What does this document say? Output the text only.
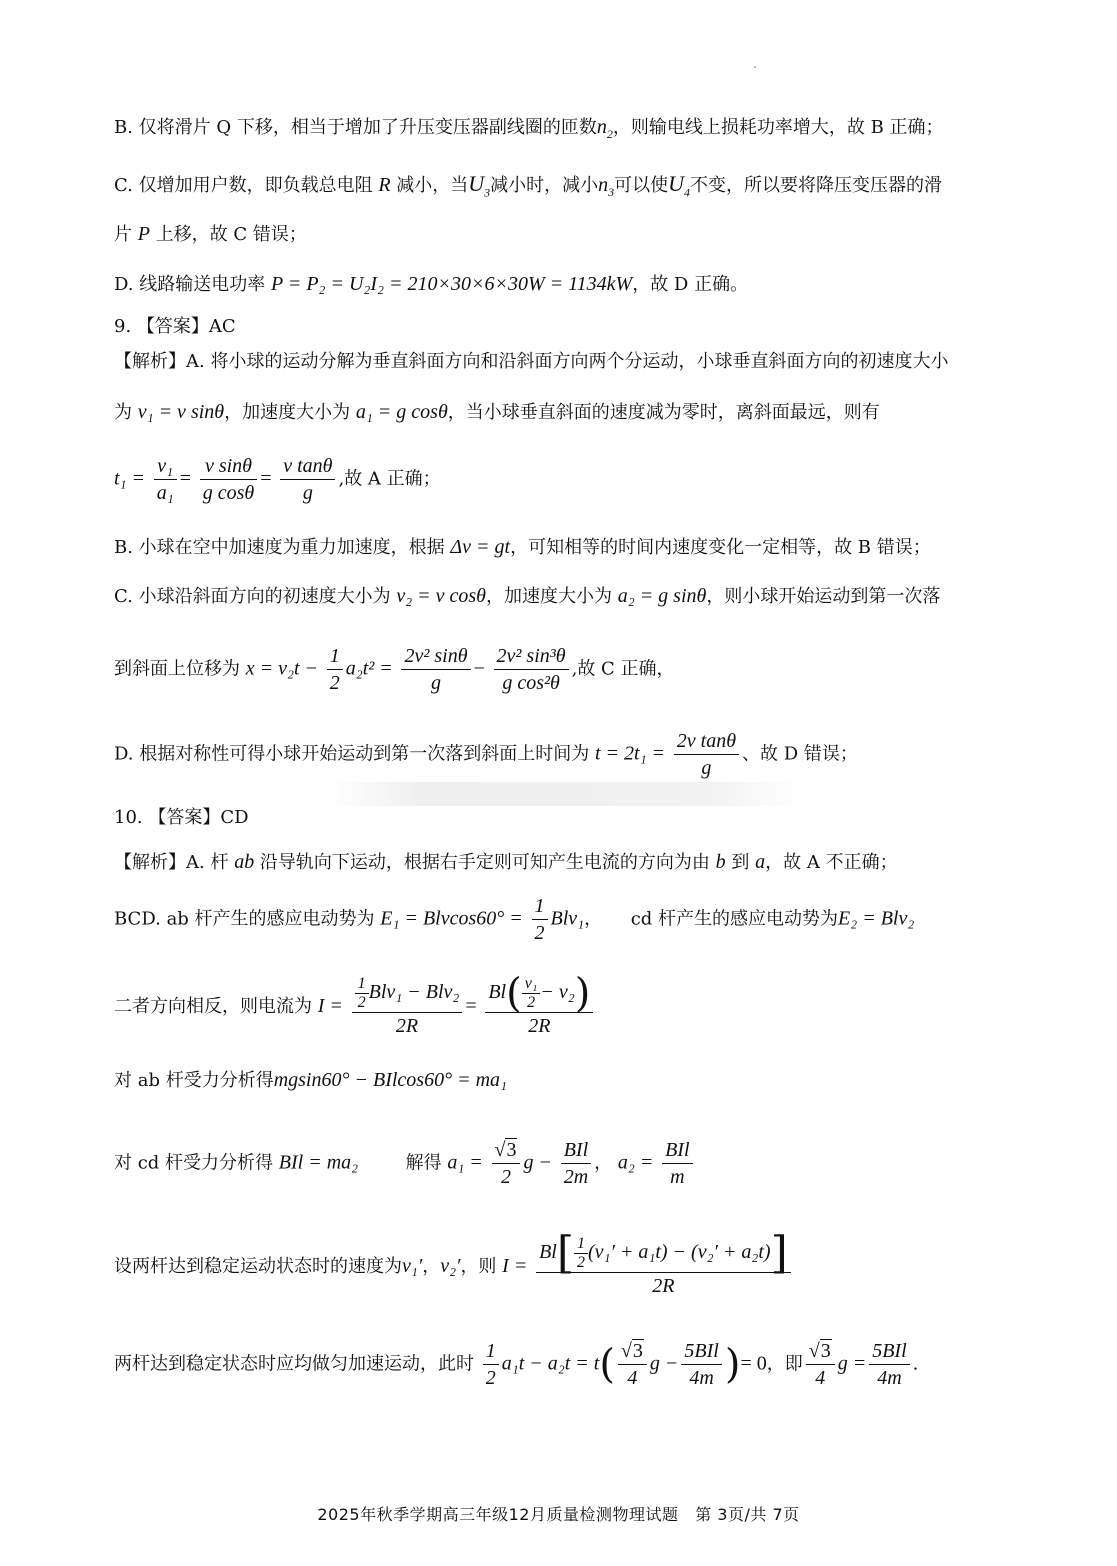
B. 仅将滑片 Q 下移，相当于增加了升压变压器副线圈的匝数$n_2$，则输电线上损耗功率增大，故 B 正确；
C. 仅增加用户数，即负载总电阻 R 减小，当$U_3$减小时，减小$n_3$可以使$U_4$不变，所以要将降压变压器的滑
片 P 上移，故 C 错误；
D. 线路输送电功率 P = P₂ = U₂I₂ = 210×30×6×30W = 1134kW，故 D 正确。
9. 【答案】AC
【解析】A. 将小球的运动分解为垂直斜面方向和沿斜面方向两个分运动，小球垂直斜面方向的初速度大小
为 v₁ = v sinθ，加速度大小为 a₁ = g cosθ，当小球垂直斜面的速度减为零时，离斜面最远，则有
$t_1 = \frac{\text{v₁}}{\text{a₁}} = \frac{\text{v sinθ}}{\text{g cosθ}} = \frac{\text{v tanθ}}{g}$ ,故 A 正确；
B. 小球在空中加速度为重力加速度，根据 Δv = gt，可知相等的时间内速度变化一定相等，故 B 错误；
C. 小球沿斜面方向的初速度大小为 v₂ = v cosθ，加速度大小为 a₂ = g sinθ，则小球开始运动到第一次落
到斜面上位移为 $x = v_2t - \frac{1}{2} a_2t^2 = \frac{\text{2v² sinθ}}{g} - \frac{\text{2v² sin³θ}}{\text{g cos²θ}}$ ,故 C 正确，
D. 根据对称性可得小球开始运动到第一次落到斜面上时间为 $t = 2t_1 = \frac{\text{2v tanθ}}{g}$ 、故 D 错误；
10. 【答案】CD
【解析】A. 杆 ab 沿导轨向下运动，根据右手定则可知产生电流的方向为由 b 到 a，故 A 不正确；
BCD. ab 杆产生的感应电动势为 $E_1 = Blvcos60^\circ = \frac{1}{2} Blv_1$，     cd 杆产生的感应电动势为E₂ = Blv₂
二者方向相反，则电流为 $I = \frac{\frac{1}{2} Blv_1 - Blv_2}{2R} = \frac{Bl( \frac{\text{v₁}}{2} - v_2)}{2R}$
对 ab 杆受力分析得mgsin60° − BIlcos60° = ma₁
对 cd 杆受力分析得 BIl = ma₂	解得 $a_1 = \frac{√3}{2}$ $g - \frac{\text{BIl}}{2m}$ ， $a_2 = \frac{\text{BIl}}{m}$
设两杆达到稳定运动状态时的速度为v₁′，v₂′，则 $I = \frac{Bl[ \frac{1}{2} (v_1' + a_1t) - (v_2' + a_2t)]}{2R}$
两杆达到稳定状态时应均做匀加速运动，此时 $\frac{1}{2} a_1t - a_2t = t( \frac{√3}{4}$ $g - \frac{\text{5BIl}}{4m}$ )= 0，即 $\frac{√3}{4}$ $g = \frac{\text{5BIl}}{4m}$ .
2025年秋季学期高三年级12月质量检测物理试题   第 3页/共 7页
